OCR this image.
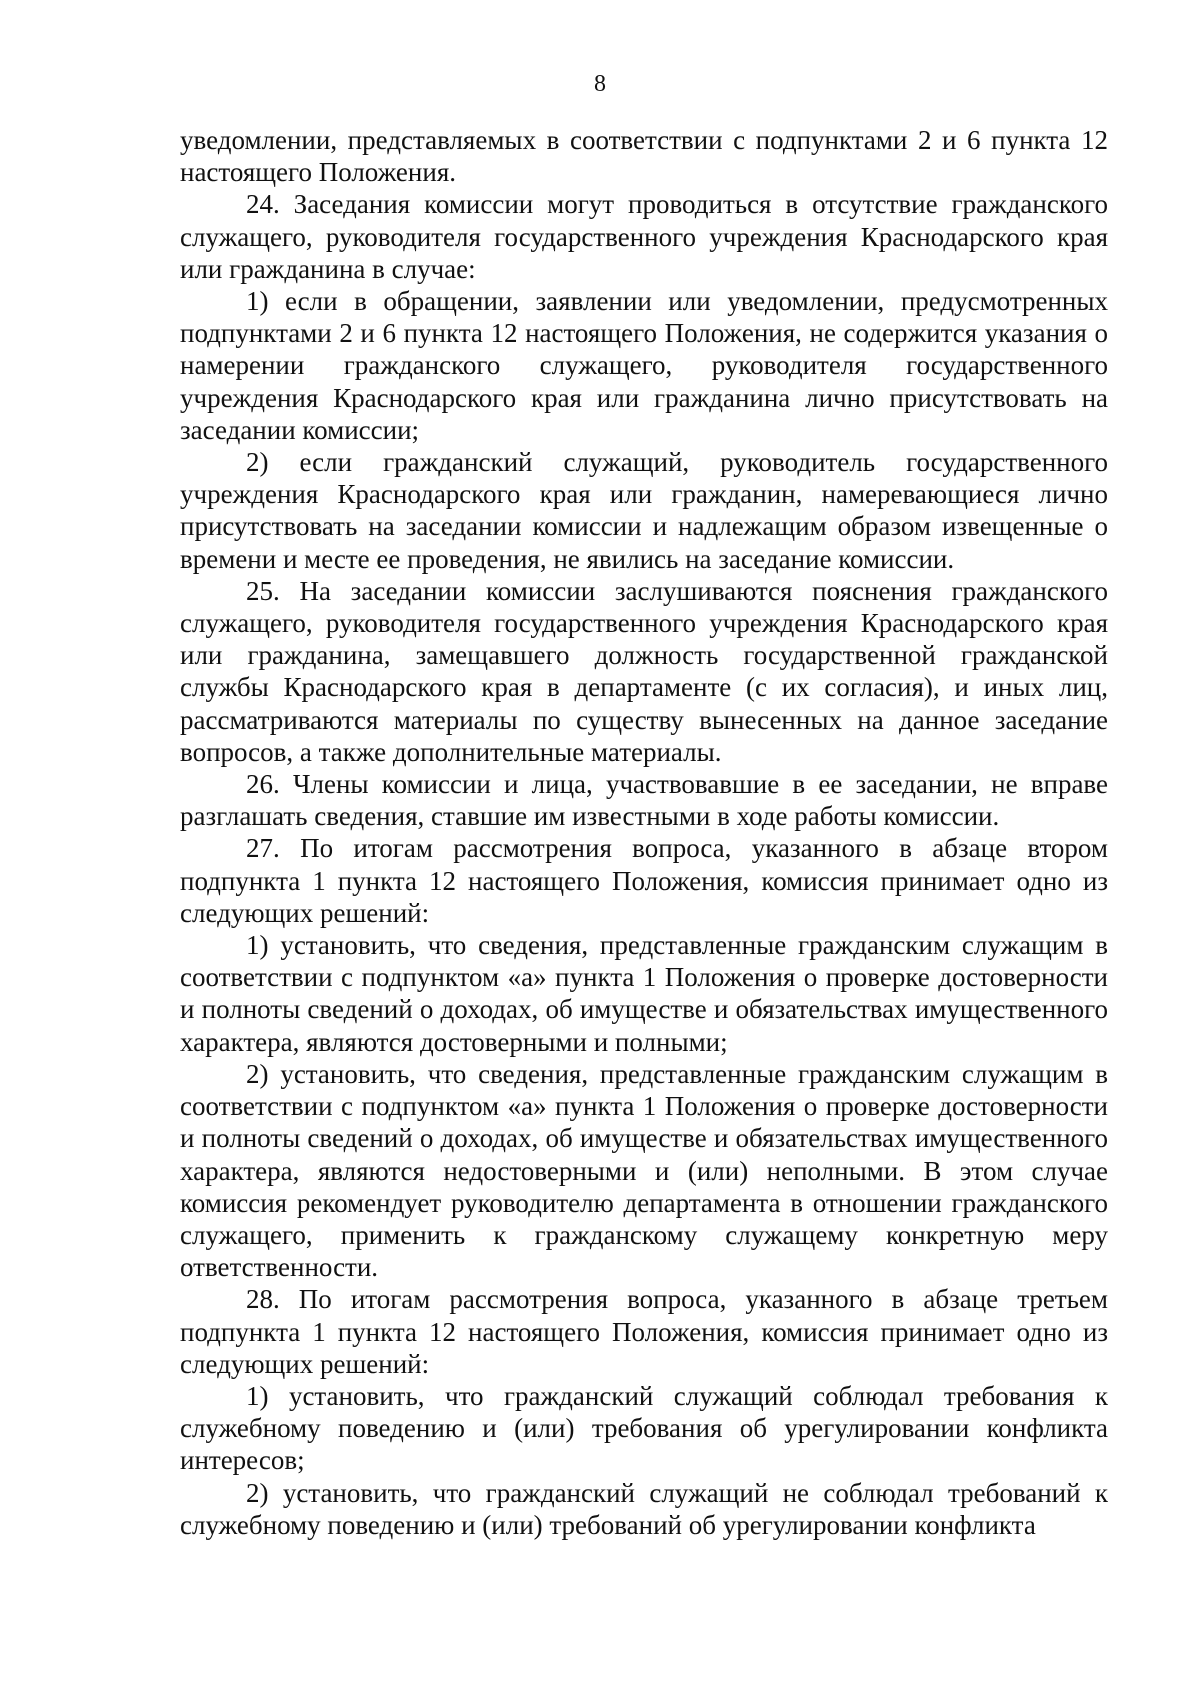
8

уведомлении, представляемых в соответствии с подпунктами 2 и 6 пункта 12 настоящего Положения.

24. Заседания комиссии могут проводиться в отсутствие гражданского служащего, руководителя государственного учреждения Краснодарского края или гражданина в случае:

1) если в обращении, заявлении или уведомлении, предусмотренных подпунктами 2 и 6 пункта 12 настоящего Положения, не содержится указания о намерении гражданского служащего, руководителя государственного учреждения Краснодарского края или гражданина лично присутствовать на заседании комиссии;

2) если гражданский служащий, руководитель государственного учреждения Краснодарского края или гражданин, намеревающиеся лично присутствовать на заседании комиссии и надлежащим образом извещенные о времени и месте ее проведения, не явились на заседание комиссии.

25. На заседании комиссии заслушиваются пояснения гражданского служащего, руководителя государственного учреждения Краснодарского края или гражданина, замещавшего должность государственной гражданской службы Краснодарского края в департаменте (с их согласия), и иных лиц, рассматриваются материалы по существу вынесенных на данное заседание вопросов, а также дополнительные материалы.

26. Члены комиссии и лица, участвовавшие в ее заседании, не вправе разглашать сведения, ставшие им известными в ходе работы комиссии.

27. По итогам рассмотрения вопроса, указанного в абзаце втором подпункта 1 пункта 12 настоящего Положения, комиссия принимает одно из следующих решений:

1) установить, что сведения, представленные гражданским служащим в соответствии с подпунктом «а» пункта 1 Положения о проверке достоверности и полноты сведений о доходах, об имуществе и обязательствах имущественного характера, являются достоверными и полными;

2) установить, что сведения, представленные гражданским служащим в соответствии с подпунктом «а» пункта 1 Положения о проверке достоверности и полноты сведений о доходах, об имуществе и обязательствах имущественного характера, являются недостоверными и (или) неполными. В этом случае комиссия рекомендует руководителю департамента в отношении гражданского служащего, применить к гражданскому служащему конкретную меру ответственности.

28. По итогам рассмотрения вопроса, указанного в абзаце третьем подпункта 1 пункта 12 настоящего Положения, комиссия принимает одно из следующих решений:

1) установить, что гражданский служащий соблюдал требования к служебному поведению и (или) требования об урегулировании конфликта интересов;

2) установить, что гражданский служащий не соблюдал требований к служебному поведению и (или) требований об урегулировании конфликта
